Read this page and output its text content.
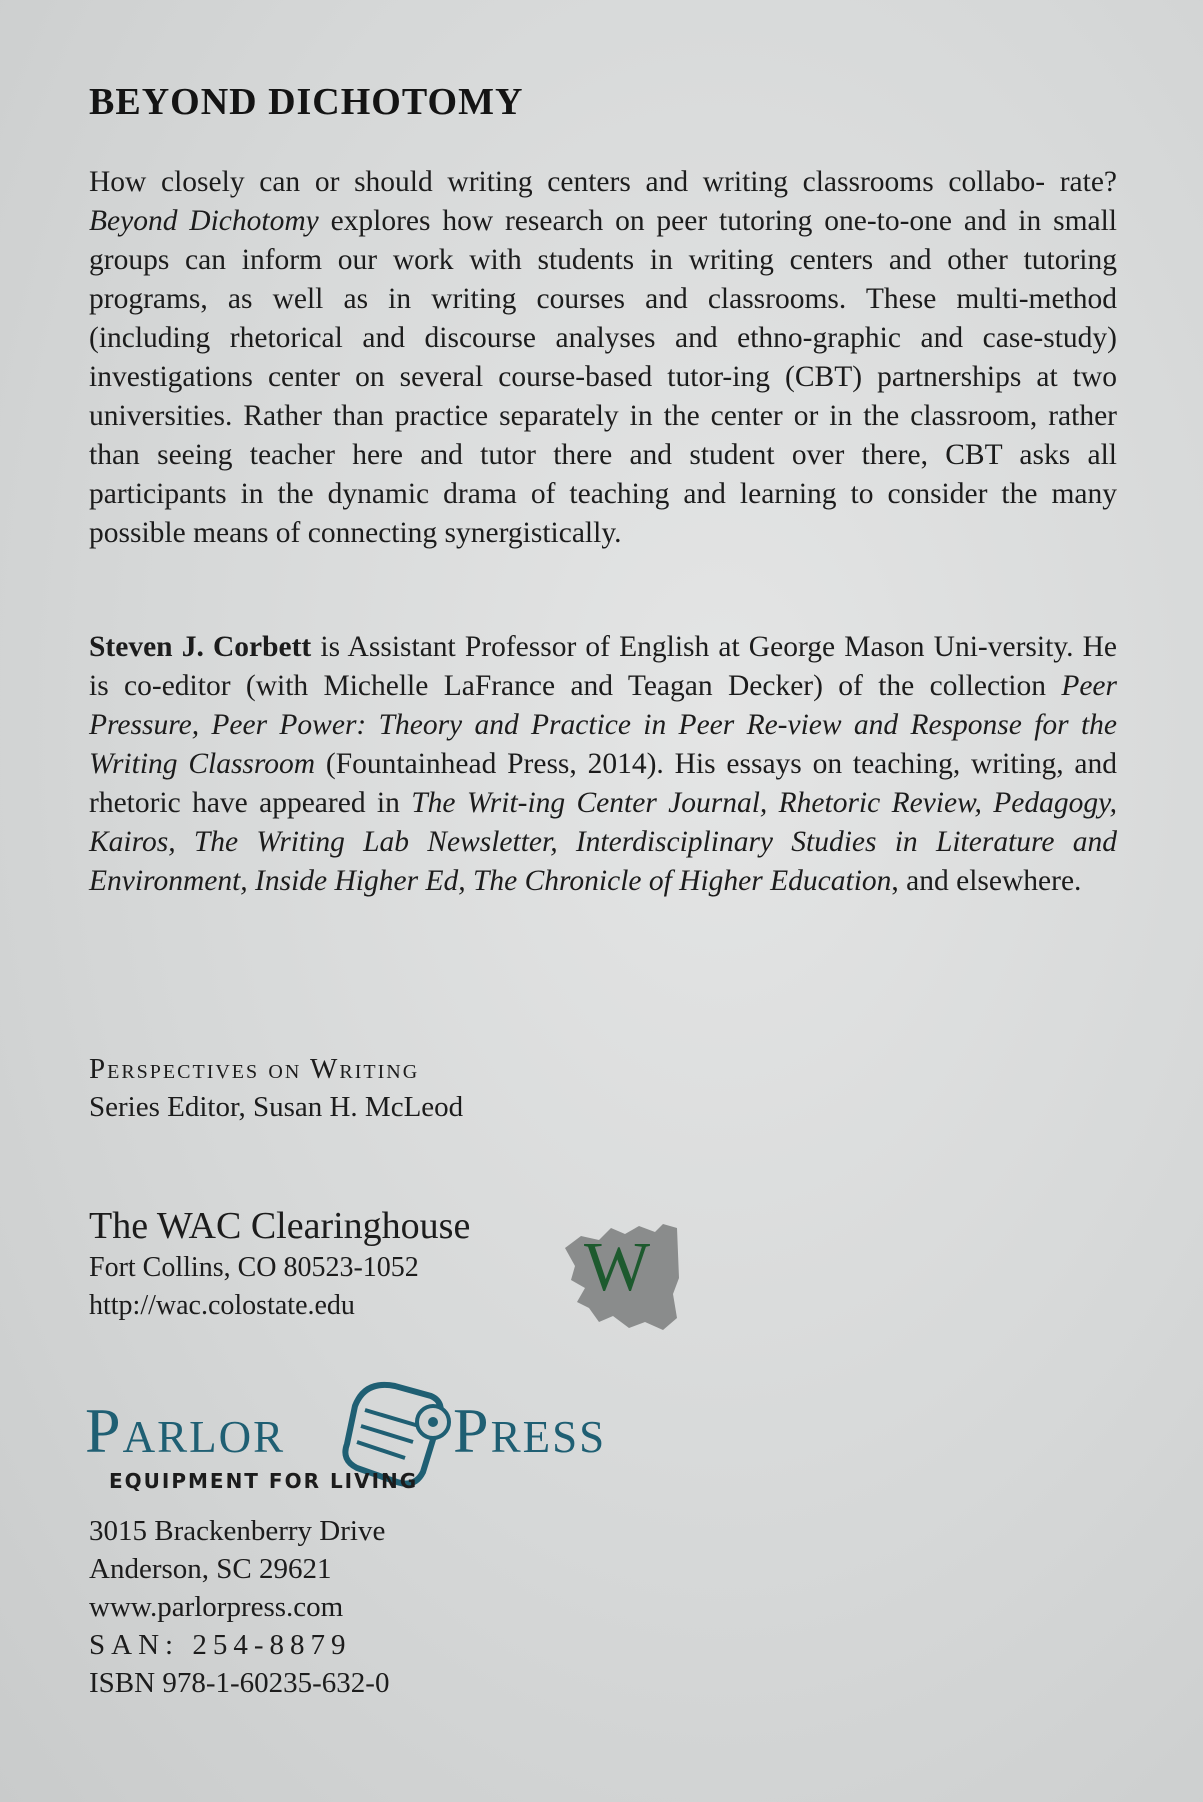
BEYOND DICHOTOMY

How closely can or should writing centers and writing classrooms collabo- rate? Beyond Dichotomy explores how research on peer tutoring one-to-one and in small groups can inform our work with students in writing centers and other tutoring programs, as well as in writing courses and classrooms. These multi-method (including rhetorical and discourse analyses and ethno-graphic and case-study) investigations center on several course-based tutor-ing (CBT) partnerships at two universities. Rather than practice separately in the center or in the classroom, rather than seeing teacher here and tutor there and student over there, CBT asks all participants in the dynamic drama of teaching and learning to consider the many possible means of connecting synergistically.

Steven J. Corbett is Assistant Professor of English at George Mason Uni-versity. He is co-editor (with Michelle LaFrance and Teagan Decker) of the collection Peer Pressure, Peer Power: Theory and Practice in Peer Re-view and Response for the Writing Classroom (Fountainhead Press, 2014). His essays on teaching, writing, and rhetoric have appeared in The Writ-ing Center Journal, Rhetoric Review, Pedagogy, Kairos, The Writing Lab Newsletter, Interdisciplinary Studies in Literature and Environment, Inside Higher Ed, The Chronicle of Higher Education, and elsewhere.

Perspectives on Writing
Series Editor, Susan H. McLeod
The WAC Clearinghouse
Fort Collins, CO 80523-1052
http://wac.colostate.edu	W
Parlor	Press
EQUIPMENT FOR LIVING
3015 Brackenberry Drive
Anderson, SC 29621
www.parlorpress.com
SAN: 254-8879
ISBN 978-1-60235-632-0
